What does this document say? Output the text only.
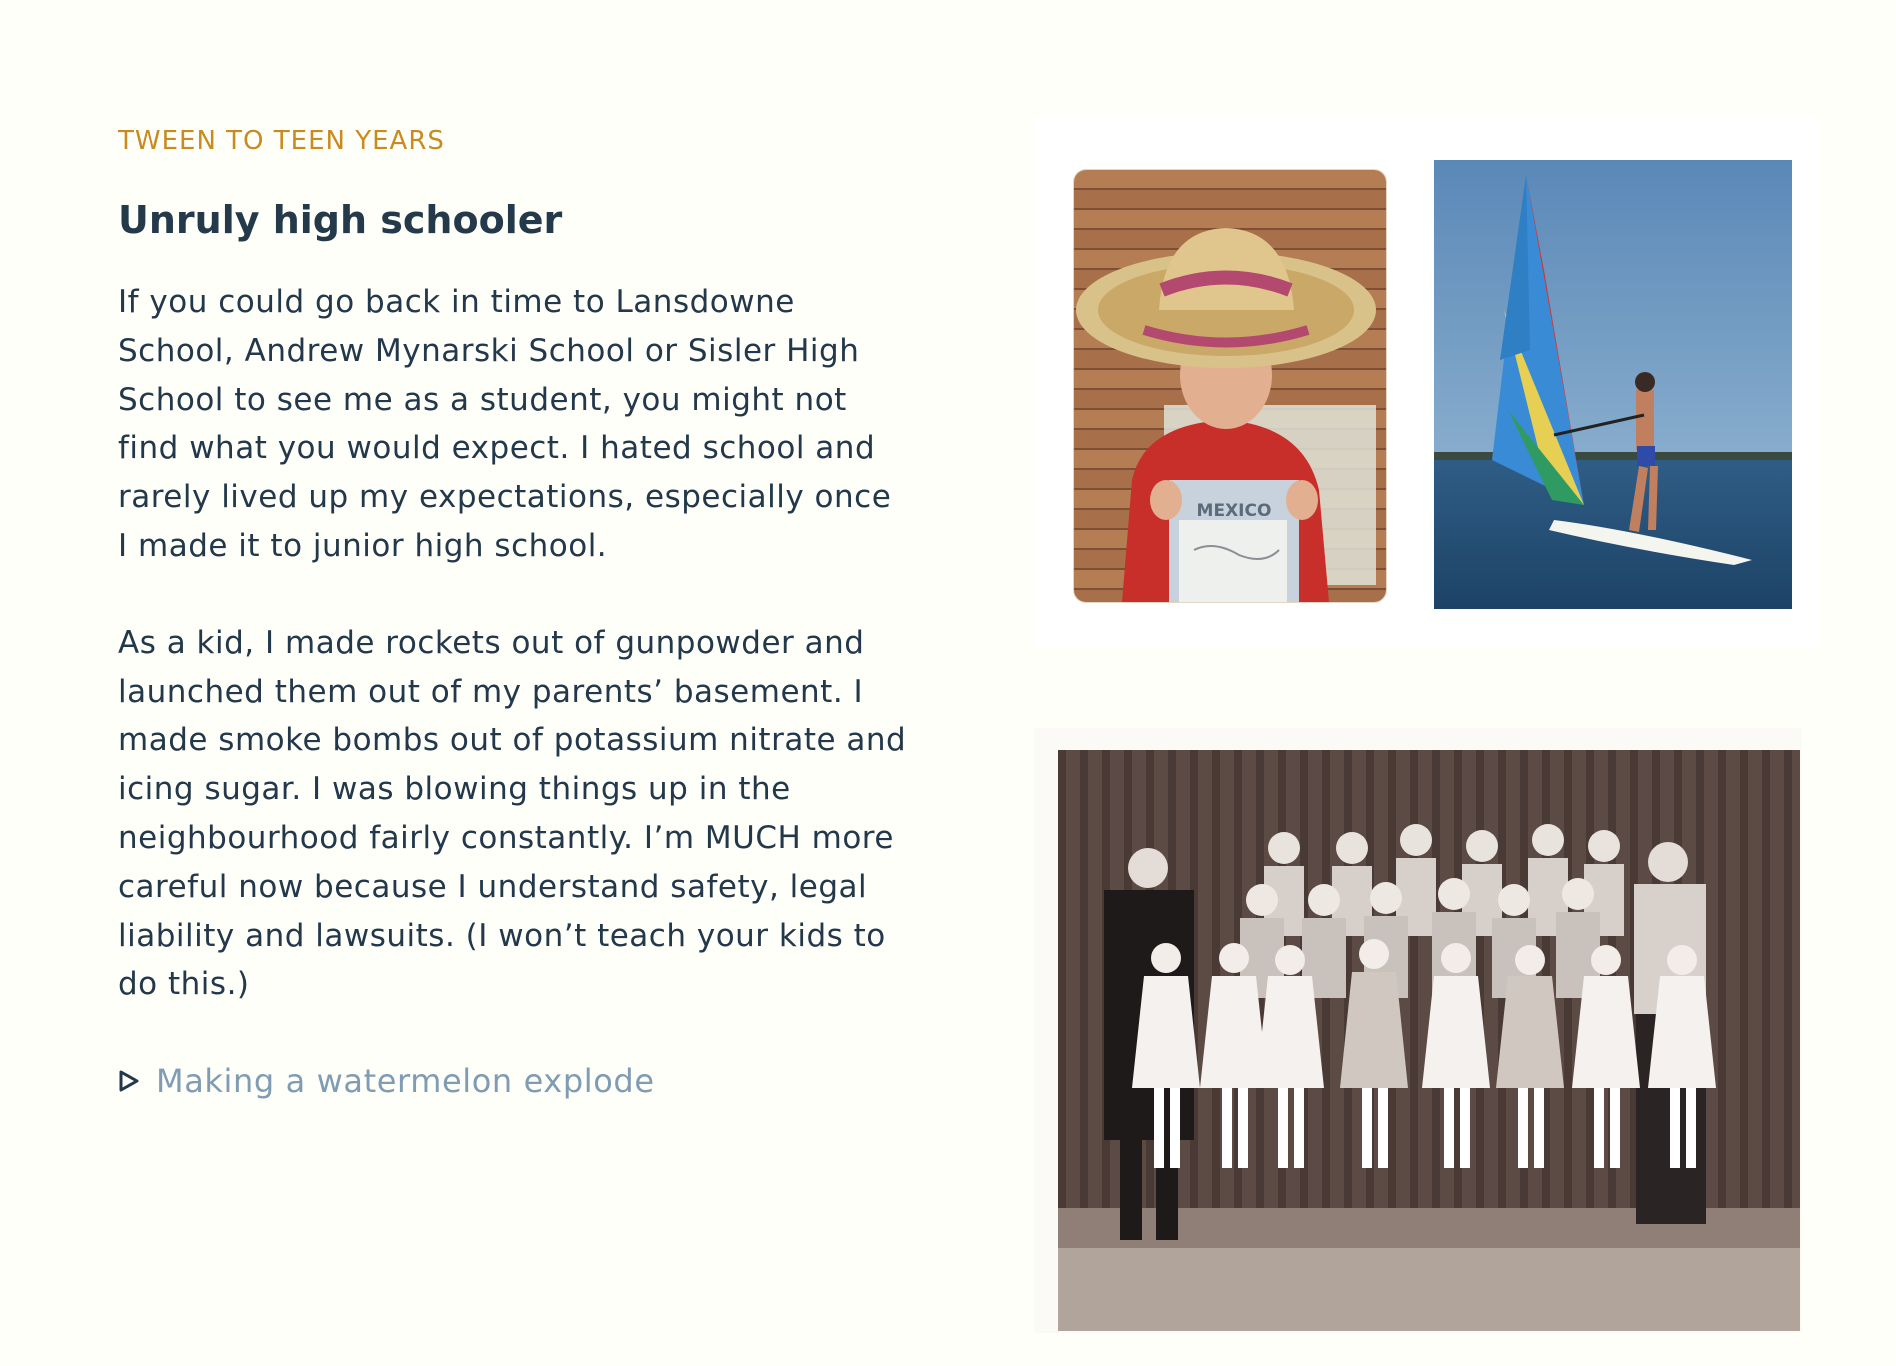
TWEEN TO TEEN YEARS

Unruly high schooler

If you could go back in time to Lansdowne School, Andrew Mynarski School or Sisler High School to see me as a student, you might not find what you would expect. I hated school and rarely lived up my expectations, especially once I made it to junior high school.

As a kid, I made rockets out of gunpowder and launched them out of my parents’ basement. I made smoke bombs out of potassium nitrate and icing sugar. I was blowing things up in the neighbourhood fairly constantly. I’m MUCH more careful now because I understand safety, legal liability and lawsuits. (I won’t teach your kids to do this.)

Making a watermelon explode
MEXICO
